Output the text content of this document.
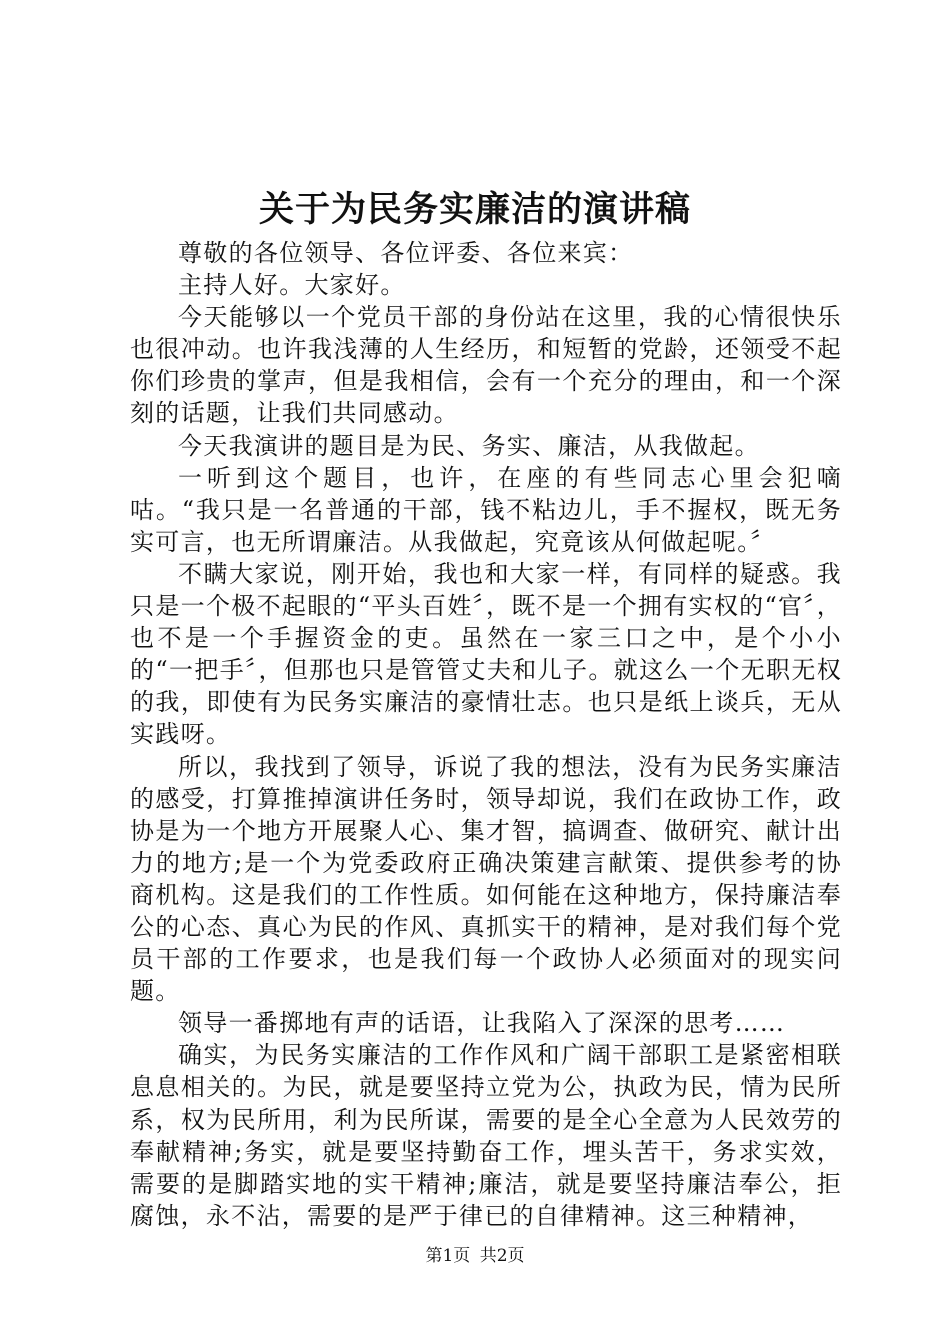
关于为民务实廉洁的演讲稿

尊敬的各位领导、各位评委、各位来宾：

主持人好。大家好。

今天能够以一个党员干部的身份站在这里，我的心情很快乐也很冲动。也许我浅薄的人生经历，和短暂的党龄，还领受不起你们珍贵的掌声，但是我相信，会有一个充分的理由，和一个深刻的话题，让我们共同感动。

今天我演讲的题目是为民、务实、廉洁，从我做起。

一听到这个题目，也许，在座的有些同志心里会犯嘀咕。“我只是一名普通的干部，钱不粘边儿，手不握权，既无务实可言，也无所谓廉洁。从我做起，究竟该从何做起呢。〞

不瞒大家说，刚开始，我也和大家一样，有同样的疑惑。我只是一个极不起眼的“平头百姓〞，既不是一个拥有实权的“官〞，也不是一个手握资金的吏。虽然在一家三口之中，是个小小的“一把手〞，但那也只是管管丈夫和儿子。就这么一个无职无权的我，即使有为民务实廉洁的豪情壮志。也只是纸上谈兵，无从实践呀。

所以，我找到了领导，诉说了我的想法，没有为民务实廉洁的感受，打算推掉演讲任务时，领导却说，我们在政协工作，政协是为一个地方开展聚人心、集才智，搞调查、做研究、献计出力的地方;是一个为党委政府正确决策建言献策、提供参考的协商机构。这是我们的工作性质。如何能在这种地方，保持廉洁奉公的心态、真心为民的作风、真抓实干的精神，是对我们每个党员干部的工作要求，也是我们每一个政协人必须面对的现实问题。

领导一番掷地有声的话语，让我陷入了深深的思考……

确实，为民务实廉洁的工作作风和广阔干部职工是紧密相联息息相关的。为民，就是要坚持立党为公，执政为民，情为民所系，权为民所用，利为民所谋，需要的是全心全意为人民效劳的奉献精神;务实，就是要坚持勤奋工作，埋头苦干，务求实效，需要的是脚踏实地的实干精神;廉洁，就是要坚持廉洁奉公，拒腐蚀，永不沾，需要的是严于律已的自律精神。这三种精神，

第1页 共2页
